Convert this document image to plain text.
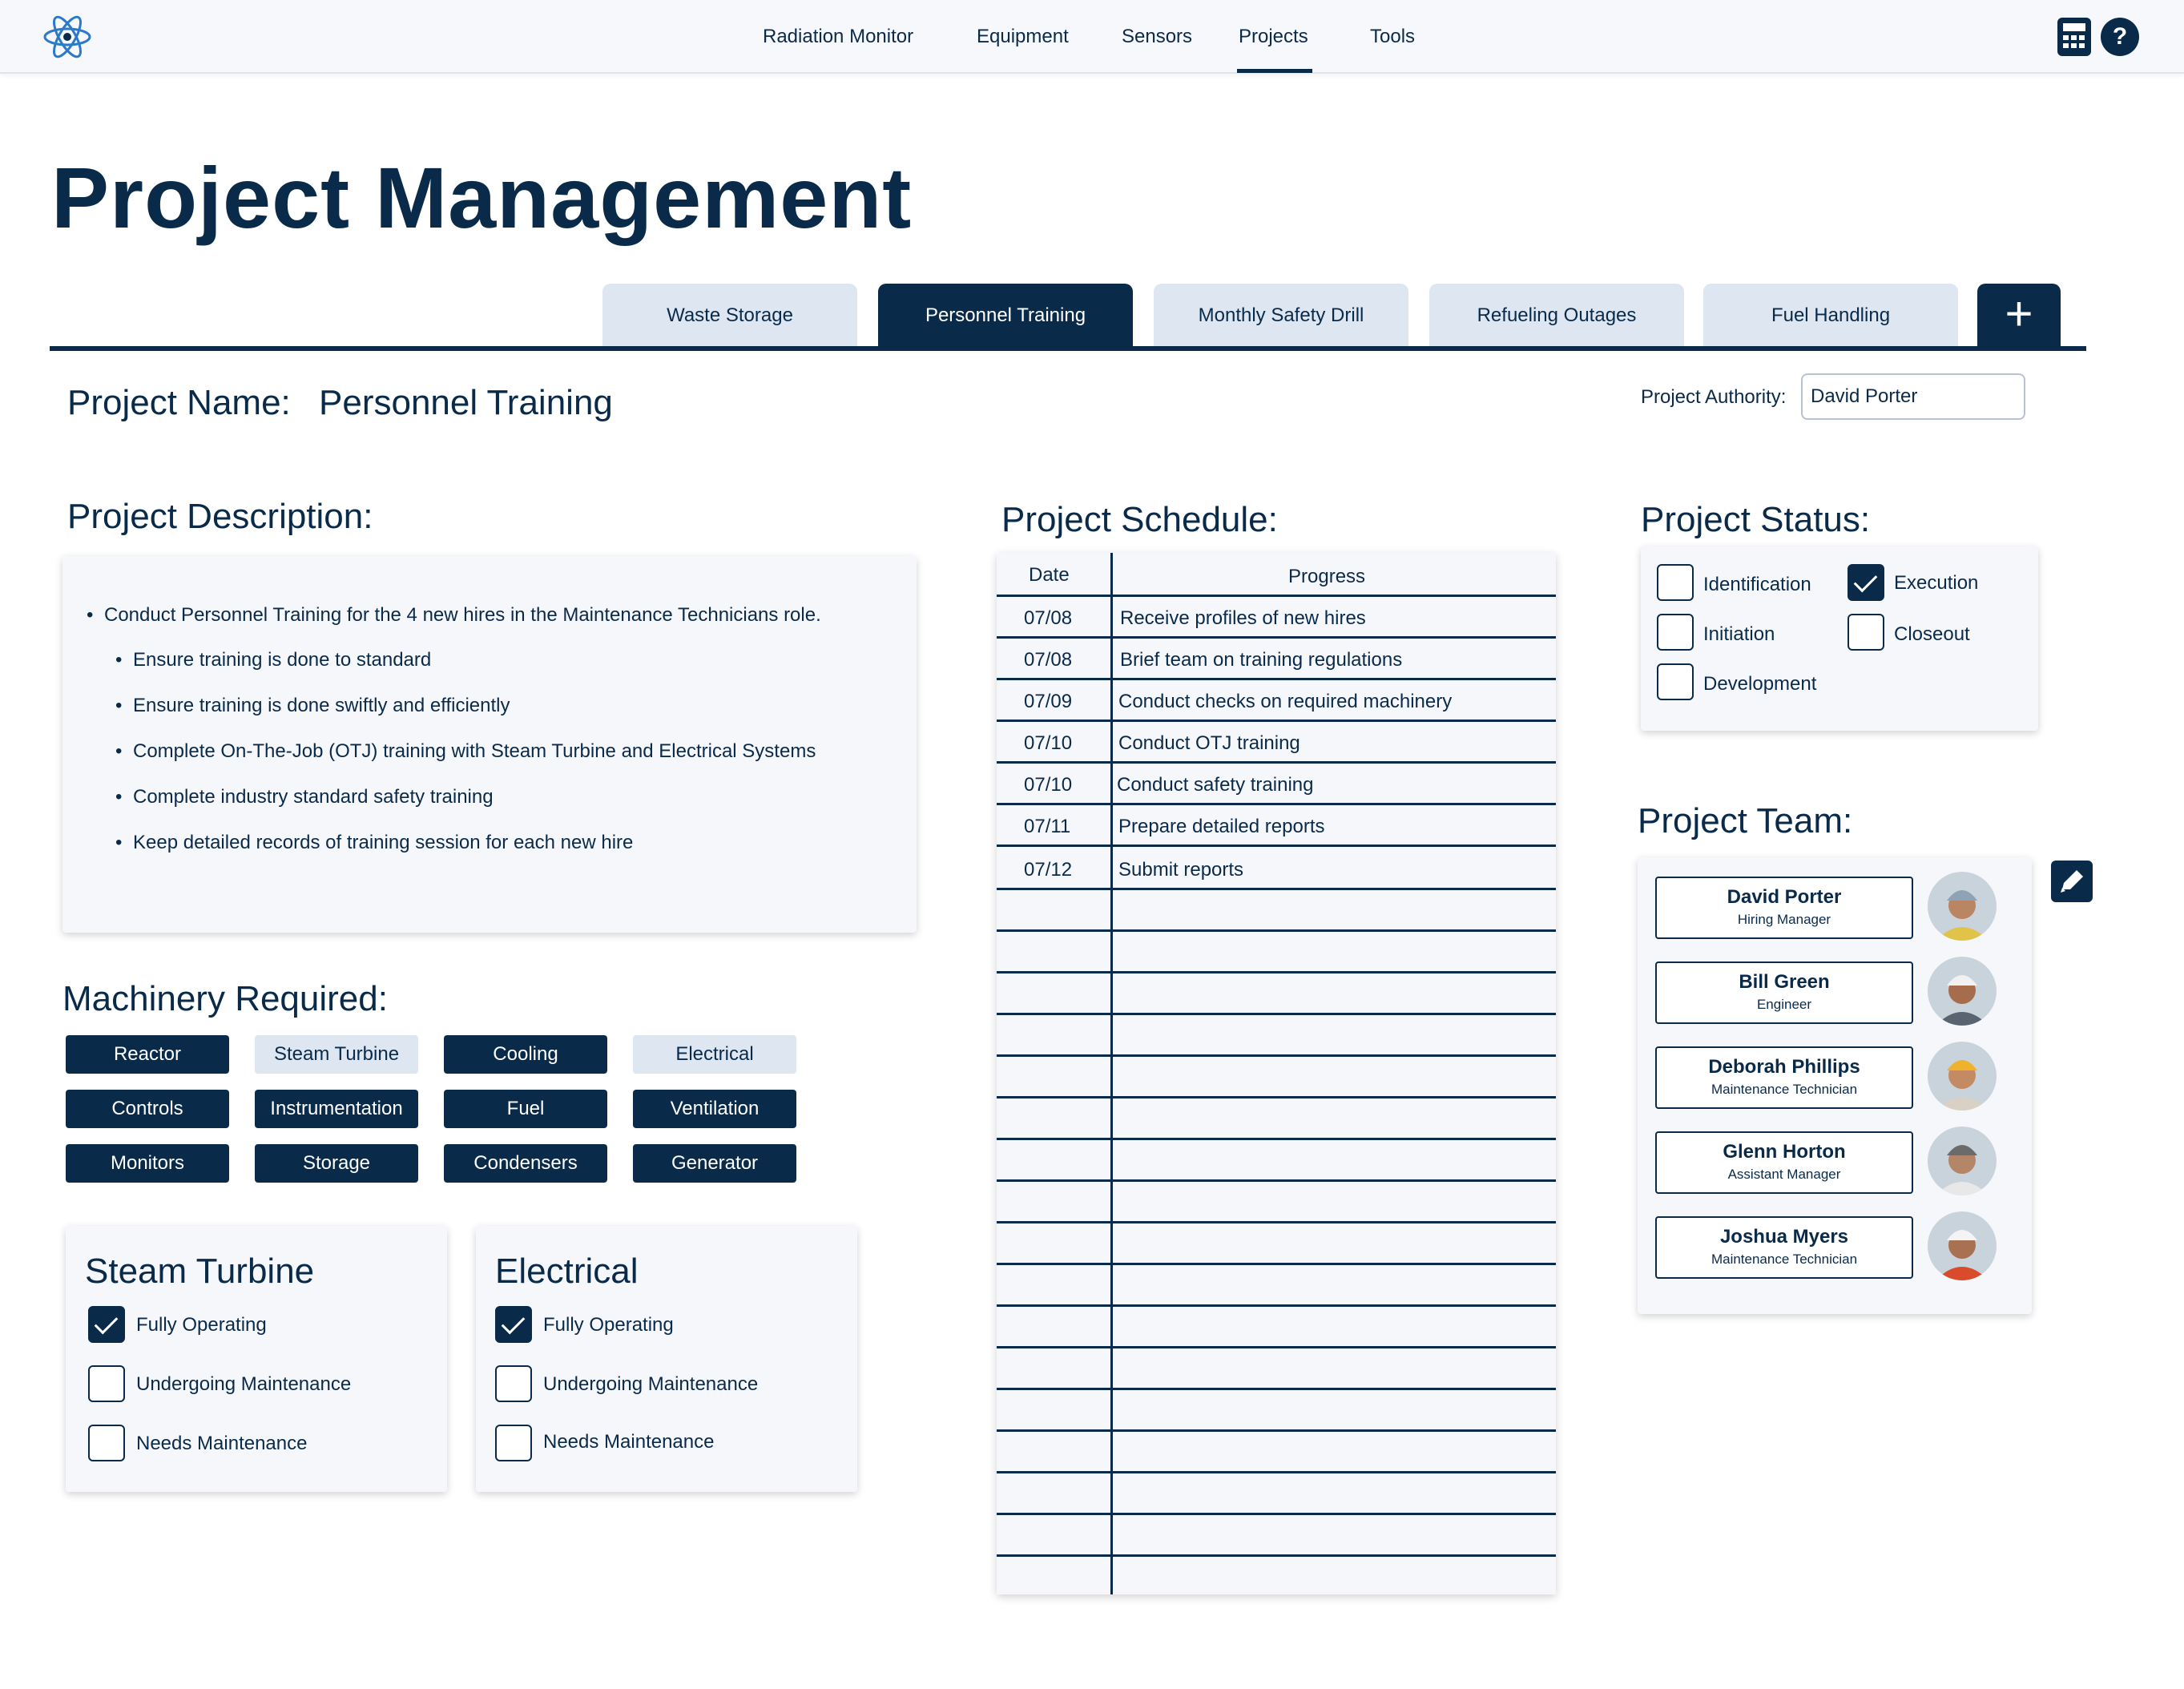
Radiation Monitor	Equipment	Sensors Projects	Tools	?
Project Management
Waste Storage	Personnel Training	Monthly Safety Drill	Refueling Outages	Fuel Handling	+
Project Name: Personnel Training	Project Authority:
David Porter
Project Description:
• Conduct Personnel Training for the 4 new hires in the Maintenance Technicians role.
• Ensure training is done to standard
• Ensure training is done swiftly and efficiently
• Complete On-The-Job (OTJ) training with Steam Turbine and Electrical Systems
• Complete industry standard safety training
• Keep detailed records of training session for each new hire
Machinery Required:
Reactor	Steam Turbine	Cooling	Electrical
Controls	Instrumentation	Fuel	Ventilation
Monitors	Storage	Condensers	Generator
Steam Turbine
Fully Operating
Undergoing Maintenance
Needs Maintenance
Electrical
Fully Operating
Undergoing Maintenance
Needs Maintenance
Project Schedule:
Date	Progress
07/08 Receive profiles of new hires
07/08 Brief team on training regulations
07/09 Conduct checks on required machinery
07/10 Conduct OTJ training
07/10 Conduct safety training
07/11 Prepare detailed reports
07/12 Submit reports
Project Status:
Identification	Execution
Initiation	Closeout
Development
Project Team:
David Porter
Hiring Manager
Bill Green
Engineer
Deborah Phillips
Maintenance Technician
Glenn Horton
Assistant Manager
Joshua Myers
Maintenance Technician
